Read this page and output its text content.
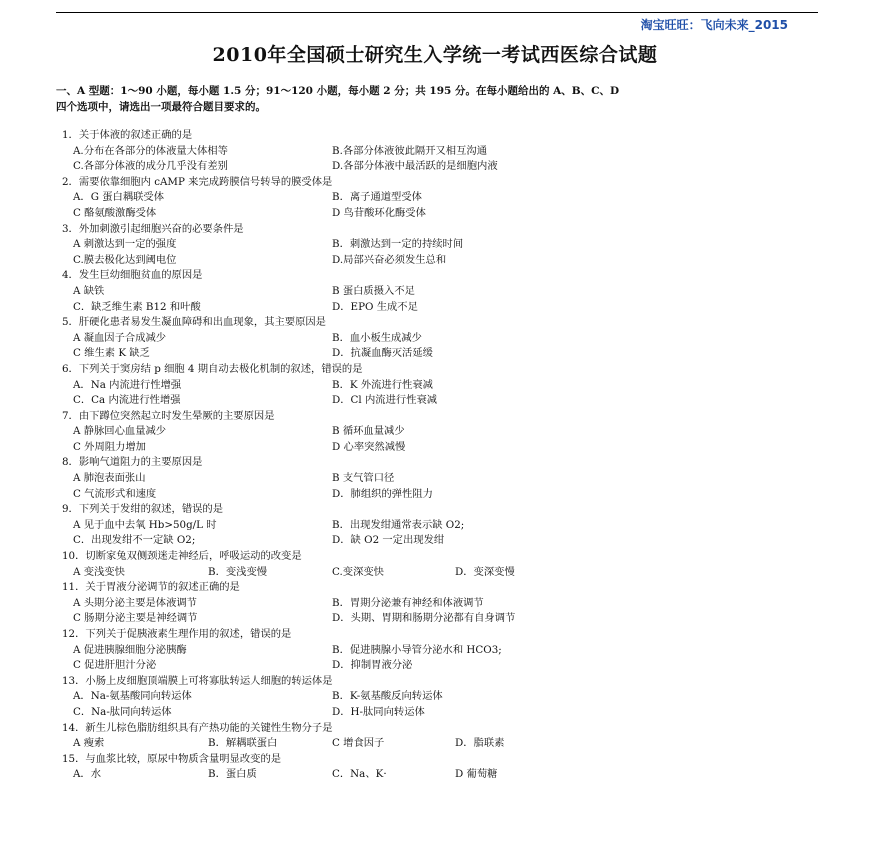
淘宝旺旺：飞向未来_2015
2010年全国硕士研究生入学统一考试西医综合试题
一、A 型题：1～90 小题，每小题 1.5 分；91～120 小题，每小题 2 分；共 195 分。在每小题给出的 A、B、C、D
四个选项中，请选出一项最符合题目要求的。
1．关于体液的叙述正确的是
A.分布在各部分的体液量大体相等	B.各部分体液彼此隔开又相互沟通
C.各部分体液的成分几乎没有差别	D.各部分体液中最活跃的是细胞内液
2．需要依靠细胞内 cAMP 来完成跨膜信号转导的膜受体是
A．G 蛋白耦联受体	B．离子通道型受体
C 酪氨酸激酶受体	D 鸟苷酸环化酶受体
3．外加刺激引起细胞兴奋的必要条件是
A 刺激达到一定的强度	B．刺激达到一定的持续时间
C.膜去极化达到阈电位	D.局部兴奋必须发生总和
4．发生巨幼细胞贫血的原因是
A 缺铁	B 蛋白质摄入不足
C．缺乏维生素 B12 和叶酸	D．EPO 生成不足
5．肝硬化患者易发生凝血障碍和出血现象，其主要原因是
A 凝血因子合成减少	B．血小板生成减少
C 维生素 K 缺乏	D．抗凝血酶灭活延缓
6．下列关于窦房结 p 细胞 4 期自动去极化机制的叙述，错误的是
A．Na 内流进行性增强	B．K 外流进行性衰减
C．Ca 内流进行性增强	D．Cl 内流进行性衰减
7．由下蹲位突然起立时发生晕厥的主要原因是
A 静脉回心血量减少	B 循环血量减少
C 外周阻力增加	D 心率突然减慢
8．影响气道阻力的主要原因是
A 肺泡表面张山	B 支气管口径
C 气流形式和速度	D．肺组织的弹性阻力
9．下列关于发绀的叙述，错误的是
A 见于血中去氧 Hb>50g/L 时	B．出现发绀通常表示缺 O2;
C．出现发绀不一定缺 O2;	D．缺 O2 一定出现发绀
10．切断家兔双侧颈迷走神经后，呼吸运动的改变是
A 变浅变快	B．变浅变慢	C.变深变快	D．变深变慢
11．关于胃液分泌调节的叙述正确的是
A 头期分泌主要是体液调节	B．胃期分泌兼有神经和体液调节
C 肠期分泌主要是神经调节	D．头期、胃期和肠期分泌都有自身调节
12．下列关于促胰液素生理作用的叙述，错误的是
A 促进胰腺细胞分泌胰酶	B．促进胰腺小导管分泌水和 HCO3;
C 促进肝胆汁分泌	D．抑制胃液分泌
13．小肠上皮细胞顶端膜上可将寡肽转运人细胞的转运体是
A．Na-氨基酸同向转运体	B．K-氨基酸反向转运体
C．Na-肽同向转运体	D．H-肽同向转运体
14．新生儿棕色脂肪组织具有产热功能的关键性生物分子是
A 瘦索	B．解耦联蛋白	C 增食因子	D．脂联素
15．与血浆比较，原尿中物质含量明显改变的是
A．水	B．蛋白质	C．Na、K·	D 葡萄糖
